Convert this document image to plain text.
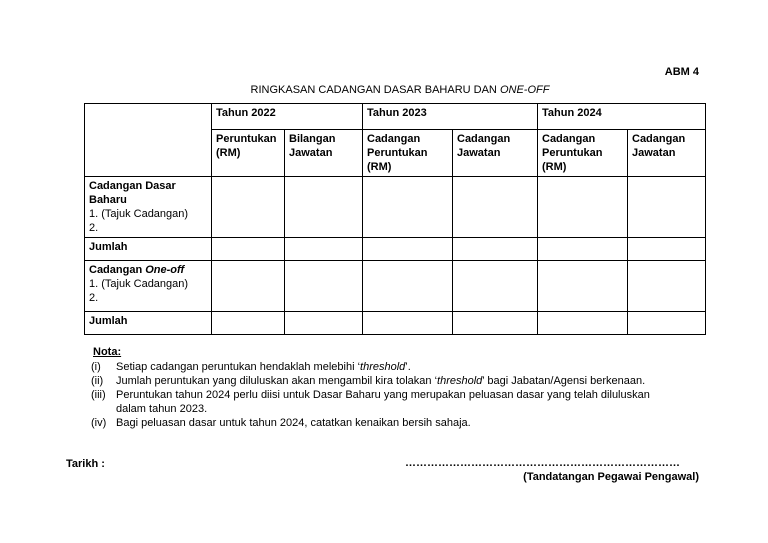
ABM 4
RINGKASAN CADANGAN DASAR BAHARU DAN ONE-OFF
	Tahun 2022		Tahun 2023		Tahun 2024	
	Peruntukan (RM)	Bilangan Jawatan	Cadangan Peruntukan (RM)	Cadangan Jawatan	Cadangan Peruntukan (RM)	Cadangan Jawatan

Cadangan Dasar Baharu
1. (Tajuk Cadangan)
2.						

Jumlah						

Cadangan One-off
1. (Tajuk Cadangan)
2.						

Jumlah						
Nota:
(i)	Setiap cadangan peruntukan hendaklah melebihi ‘threshold’.
(ii)	Jumlah peruntukan yang diluluskan akan mengambil kira tolakan ‘threshold’ bagi Jabatan/Agensi berkenaan.
(iii) Peruntukan tahun 2024 perlu diisi untuk Dasar Baharu yang merupakan peluasan dasar yang telah diluluskan dalam tahun 2023.
(iv) Bagi peluasan dasar untuk tahun 2024, catatkan kenaikan bersih sahaja.
Tarikh :	…………………………………………………………………
(Tandatangan Pegawai Pengawal)
